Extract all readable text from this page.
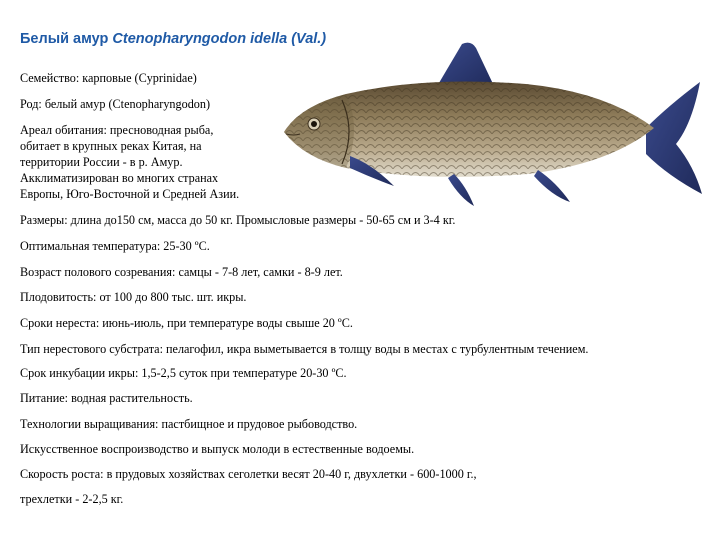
Белый амур Ctenopharyngodon idella (Val.)
Семейство: карповые (Cyprinidae)
Род: белый амур (Ctenopharyngodon)
Ареал обитания: пресноводная рыба,
обитает в крупных реках Китая, на
территории России - в р. Амур.
Акклиматизирован во многих странах
Европы, Юго-Восточной и Средней Азии.
Размеры: длина до150 см, масса до 50 кг. Промысловые размеры - 50-65 см и 3-4 кг.
Оптимальная температура: 25-30 ºС.
Возраст полового созревания: самцы - 7-8 лет, самки - 8-9 лет.
Плодовитость: от 100 до 800 тыс. шт. икры.
Сроки нереста: июнь-июль, при температуре воды свыше 20 ºС.
Тип нерестового субстрата: пелагофил, икра выметывается в толщу воды в местах с турбулентным течением.
Срок инкубации икры: 1,5-2,5 суток при температуре 20-30 ºС.
Питание: водная растительность.
Технологии выращивания: пастбищное и прудовое рыбоводство.
Искусственное воспроизводство и выпуск молоди в естественные водоемы.
Скорость роста: в прудовых хозяйствах сеголетки весят 20-40 г, двухлетки - 600-1000 г.,
трехлетки - 2-2,5 кг.
